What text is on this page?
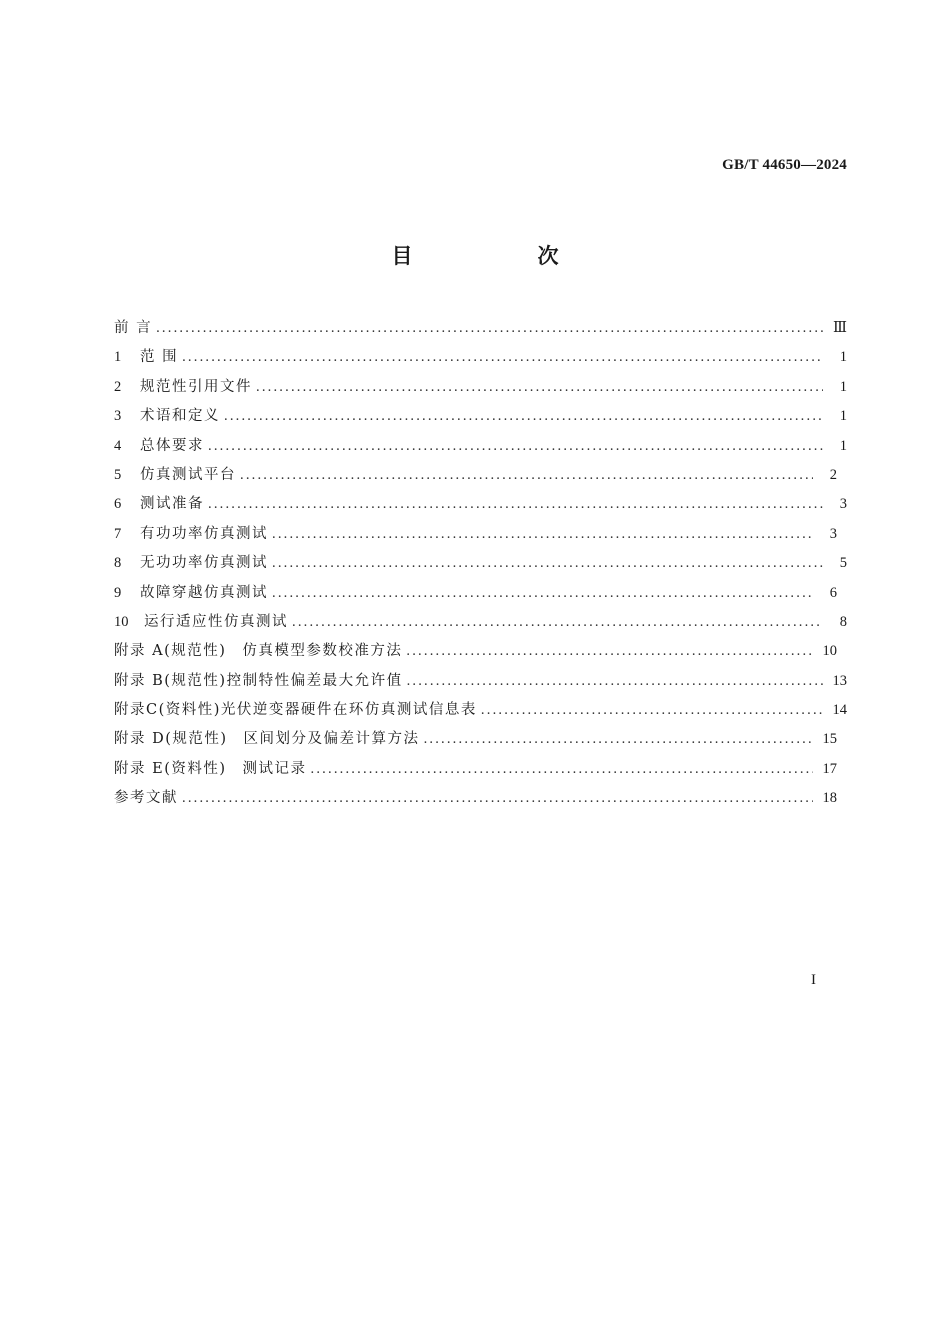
GB/T 44650—2024
目　次
前 言 .....	Ⅲ
1	范 围 .....	1
2	规范性引用文件 .....	1
3	术语和定义 .....	1
4	总体要求 .....	1
5	仿真测试平台 .....	2
6	测试准备 .....	3
7	有功功率仿真测试 .....	3
8	无功功率仿真测试 .....	5
9	故障穿越仿真测试 .....	6
10	运行适应性仿真测试 .....	8
附录 A(规范性)　仿真模型参数校准方法 .....	10
附录 B(规范性)控制特性偏差最大允许值 .....	13
附录C(资料性)光伏逆变器硬件在环仿真测试信息表 .....	14
附录 D(规范性)　区间划分及偏差计算方法 .....	15
附录 E(资料性)　测试记录 .....	17
参考文献 .....	18
I
